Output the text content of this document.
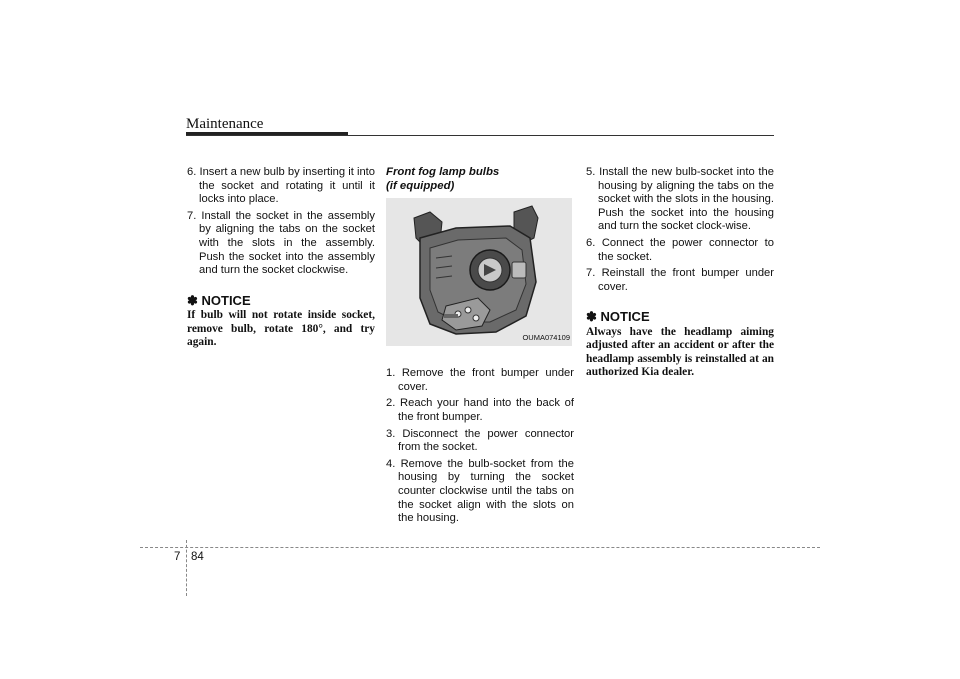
Maintenance
6. Insert a new bulb by inserting it into the socket and rotating it until it locks into place.
7. Install the socket in the assembly by aligning the tabs on the socket with the slots in the assembly. Push the socket into the assembly and turn the socket clockwise.
✽ NOTICE
If bulb will not rotate inside socket, remove bulb, rotate 180°, and try again.
Front fog lamp bulbs
(if equipped)
OUMA074109
1. Remove the front bumper under cover.
2. Reach your hand into the back of the front bumper.
3. Disconnect the power connector from the socket.
4. Remove the bulb-socket from the housing by turning the socket counter clockwise until the tabs on the socket align with the slots on the housing.
5. Install the new bulb-socket into the housing by aligning the tabs on the socket with the slots in the housing. Push the socket into the housing and turn the socket clock-wise.
6. Connect the power connector to the socket.
7. Reinstall the front bumper under cover.
✽ NOTICE
Always have the headlamp aiming adjusted after an accident or after the headlamp assembly is reinstalled at an authorized Kia dealer.
7 84
